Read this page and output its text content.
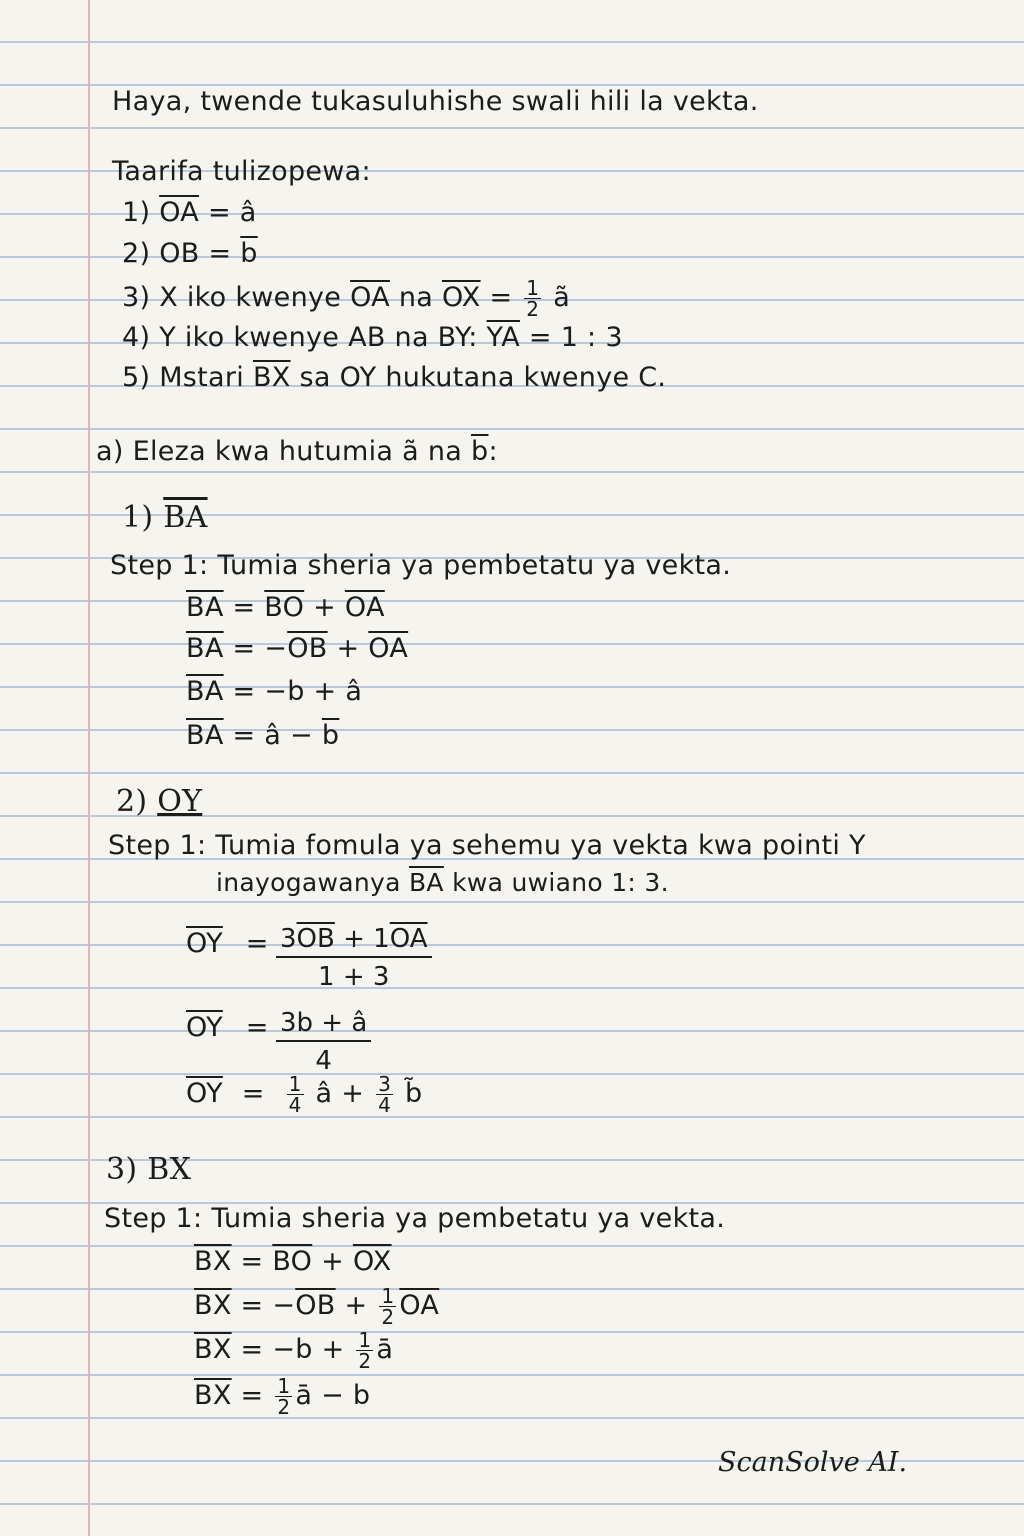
Haya, twende tukasuluhishe swali hili la vekta.
Taarifa tulizopewa:
1) $\overline{OA}$ = â
2) OB = $\overline{b}$
3) X iko kwenye $\overline{OA}$ na $\overline{OX} = \frac{1}{2}$ ã
4) Y iko kwenye AB na BY: $\overline{YA} = 1$ : 3
5) Mstari $\overline{BX}$ sa OY hukutana kwenye C.
a) Eleza kwa hutumia ã na $\overline{b}$:
1) $\overline{BA}$
Step 1: Tumia sheria ya pembetatu ya vekta.
$\overline{BA} = \overline{BO} + \overline{OA}$
$\overline{BA} = -\overline{OB} + \overline{OA}$
$\overline{BA} = -b$ + â
$\overline{BA}$ = â − $\overline{b}$
2) OY
Step 1: Tumia fomula ya sehemu ya vekta kwa pointi Y
inayogawanya $\overline{BA}$ kwa uwiano 1: 3.
$\overline{OY} = \frac{3\overline{OB} + 1\overline{OA}}{1 + 3}$
$\overline{OY} = \frac{3b + â}{4}$
$\overline{OY} = \frac{1}{4}$ â + $\frac{3}{4}$ b̃
3) BX
Step 1: Tumia sheria ya pembetatu ya vekta.
$\overline{BX} = \overline{BO} + \overline{OX}$
$\overline{BX} = -\overline{OB} + \frac{1}{2} \overline{OA}$
$\overline{BX} = -b + \frac{1}{2}$ ā
$\overline{BX} = \frac{1}{2}$ ā − b
ScanSolve AI.
